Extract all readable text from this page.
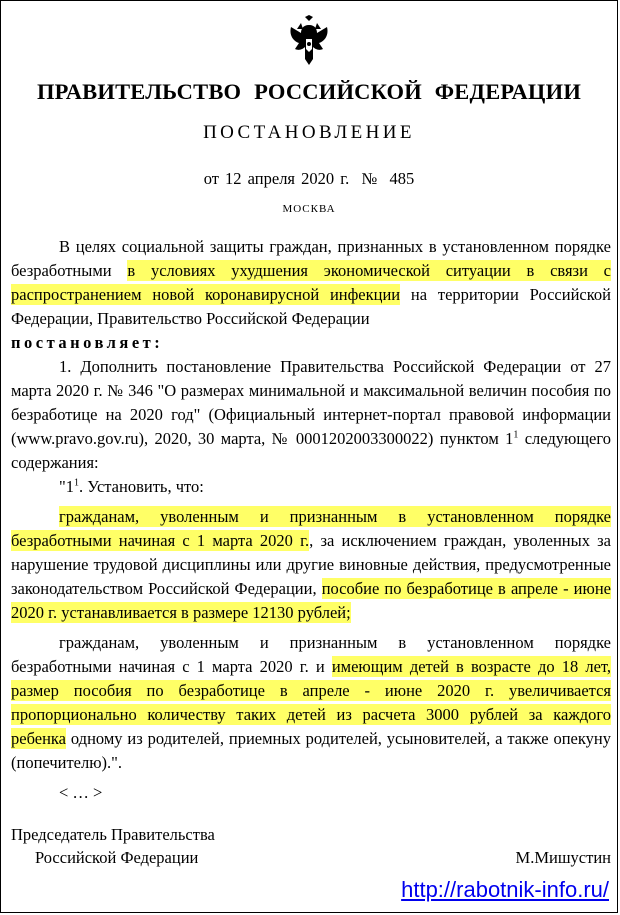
ПРАВИТЕЛЬСТВО РОССИЙСКОЙ ФЕДЕРАЦИИ
ПОСТАНОВЛЕНИЕ
от 12 апреля 2020 г.  №  485
МОСКВА

В целях социальной защиты граждан, признанных в установленном порядке безработными в условиях ухудшения экономической ситуации в связи с распространением новой коронавирусной инфекции на территории Российской Федерации, Правительство Российской Федерации

постановляет:

1. Дополнить постановление Правительства Российской Федерации от 27 марта 2020 г. № 346 "О размерах минимальной и максимальной величин пособия по безработице на 2020 год" (Официальный интернет-портал правовой информации (www.pravo.gov.ru), 2020, 30 марта, № 0001202003300022) пунктом $1^1$ следующего содержания:

"$1^1$. Установить, что:

гражданам, уволенным и признанным в установленном порядке безработными начиная с 1 марта 2020 г., за исключением граждан, уволенных за нарушение трудовой дисциплины или другие виновные действия, предусмотренные законодательством Российской Федерации, пособие по безработице в апреле - июне 2020 г. устанавливается в размере 12130 рублей;

гражданам, уволенным и признанным в установленном порядке безработными начиная с 1 марта 2020 г. и имеющим детей в возрасте до 18 лет, размер пособия по безработице в апреле - июне 2020 г. увеличивается пропорционально количеству таких детей из расчета 3000 рублей за каждого ребенка одному из родителей, приемных родителей, усыновителей, а также опекуну (попечителю).".

< … >

Председатель Правительства
Российской Федерации	М.Мишустин
http://rabotnik-info.ru/
